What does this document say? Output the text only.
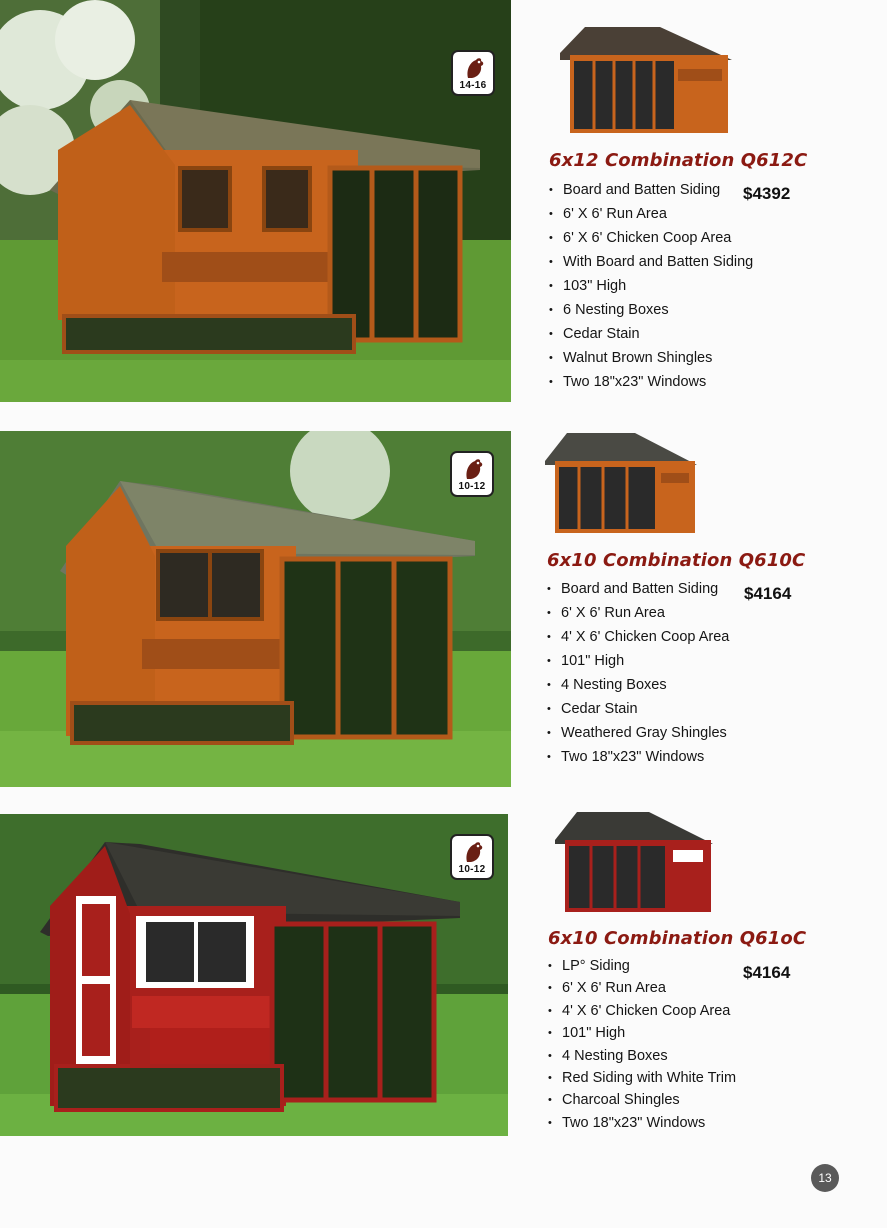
14-16
6x12 Combination Q612C
$4392
• Board and Batten Siding
• 6' X 6' Run Area
• 6' X 6' Chicken Coop Area
• With Board and Batten Siding
• 103" High
• 6 Nesting Boxes
• Cedar Stain
• Walnut Brown Shingles
• Two 18"x23" Windows
10-12
6x10 Combination Q610C
$4164
• Board and Batten Siding
• 6' X 6' Run Area
• 4' X 6' Chicken Coop Area
• 101" High
• 4 Nesting Boxes
• Cedar Stain
• Weathered Gray Shingles
• Two 18"x23" Windows
10-12
6x10 Combination Q61oC
$4164
• LP° Siding
• 6' X 6' Run Area
• 4' X 6' Chicken Coop Area
• 101" High
• 4 Nesting Boxes
• Red Siding with White Trim
• Charcoal Shingles
• Two 18"x23" Windows
13
